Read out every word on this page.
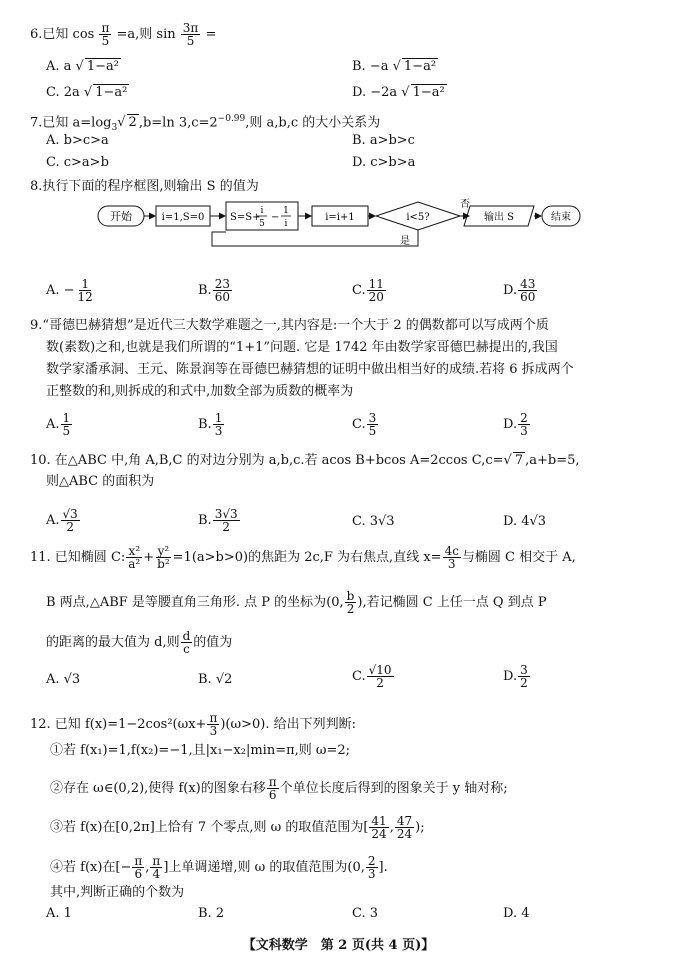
6.已知 $\cos \frac{\pi}{5} =a$,则 $\sin \frac{3\pi}{5}$ =
A. a √ 1−a²	B. −a √ 1−a²
C. 2a √ 1−a²	D. −2a √ 1−a²
7.已知 $a=\log_3√$ 2 ,b=ln $3,c=2^{-0.99}$,则 a,b,c 的大小关系为
A. b>c>a	B. a>b>c
C. c>a>b	D. c>b>a
8.执行下面的程序框图,则输出 S 的值为
开始	i=1,S=0	S=S+
i
5
−
1
i
i=i+1	i<5?
否
是
输出 S	结束
A. − $\frac{1}{12}$	B. $\frac{23}{60}$	C. $\frac{11}{20}$	D. $\frac{43}{60}$
9.“哥德巴赫猜想”是近代三大数学难题之一,其内容是:一个大于 2 的偶数都可以写成两个质
数(素数)之和,也就是我们所谓的“1+1”问题. 它是 1742 年由数学家哥德巴赫提出的,我国
数学家潘承洞、王元、陈景润等在哥德巴赫猜想的证明中做出相当好的成绩.若将 6 拆成两个
正整数的和,则拆成的和式中,加数全部为质数的概率为
A. $\frac{1}{5}$	B. $\frac{1}{3}$	C. $\frac{3}{5}$	D. $\frac{2}{3}$
10. 在△ABC 中,角 A,B,C 的对边分别为 a,b,c.若 acos B+bcos A=2ccos C,c=√ 7 ,a+b=5,
则△ABC 的面积为
A. $\frac{√3}{2}$	B. $\frac{3√3}{2}$	C. 3√3	D. 4√3
11. 已知椭圆 C: $\frac{\text{x²}}{\text{a²}} + \frac{\text{y²}}{\text{b²}} =1(a>b>0)$的焦距为 2c,F 为右焦点,直线 $x= \frac{4c}{3}$ 与椭圆 C 相交于 A,
B 两点,△ABF 是等腰直角三角形. 点 P 的坐标为(0, $\frac{b}{2}$ ),若记椭圆 C 上任一点 Q 到点 P
的距离的最大值为 d,则 $\frac{d}{c}$ 的值为
A. √3	B. √2	C. $\frac{√10}{2}$	D. $\frac{3}{2}$
12. 已知 $f(x)=1-2\cos^2(\omega x+ \frac{\pi}{3} )(\omega>0)$. 给出下列判断:
①若 f(x₁)=1,f(x₂)=−1,且|x₁−x₂|min=π,则 ω=2;
②存在 ω∈(0,2),使得 f(x)的图象右移 $\frac{\pi}{6}$ 个单位长度后得到的图象关于 y 轴对称;
③若 f(x)在[0,2π]上恰有 7 个零点,则 ω 的取值范围为[ $\frac{41}{24}$ , $\frac{47}{24}$ );
④若 f(x)在[− $\frac{\pi}{6}$ , $\frac{\pi}{4}$ ]上单调递增,则 ω 的取值范围为(0, $\frac{2}{3}$ ].
其中,判断正确的个数为
A. 1	B. 2	C. 3	D. 4
【文科数学　第 2 页(共 4 页)】
